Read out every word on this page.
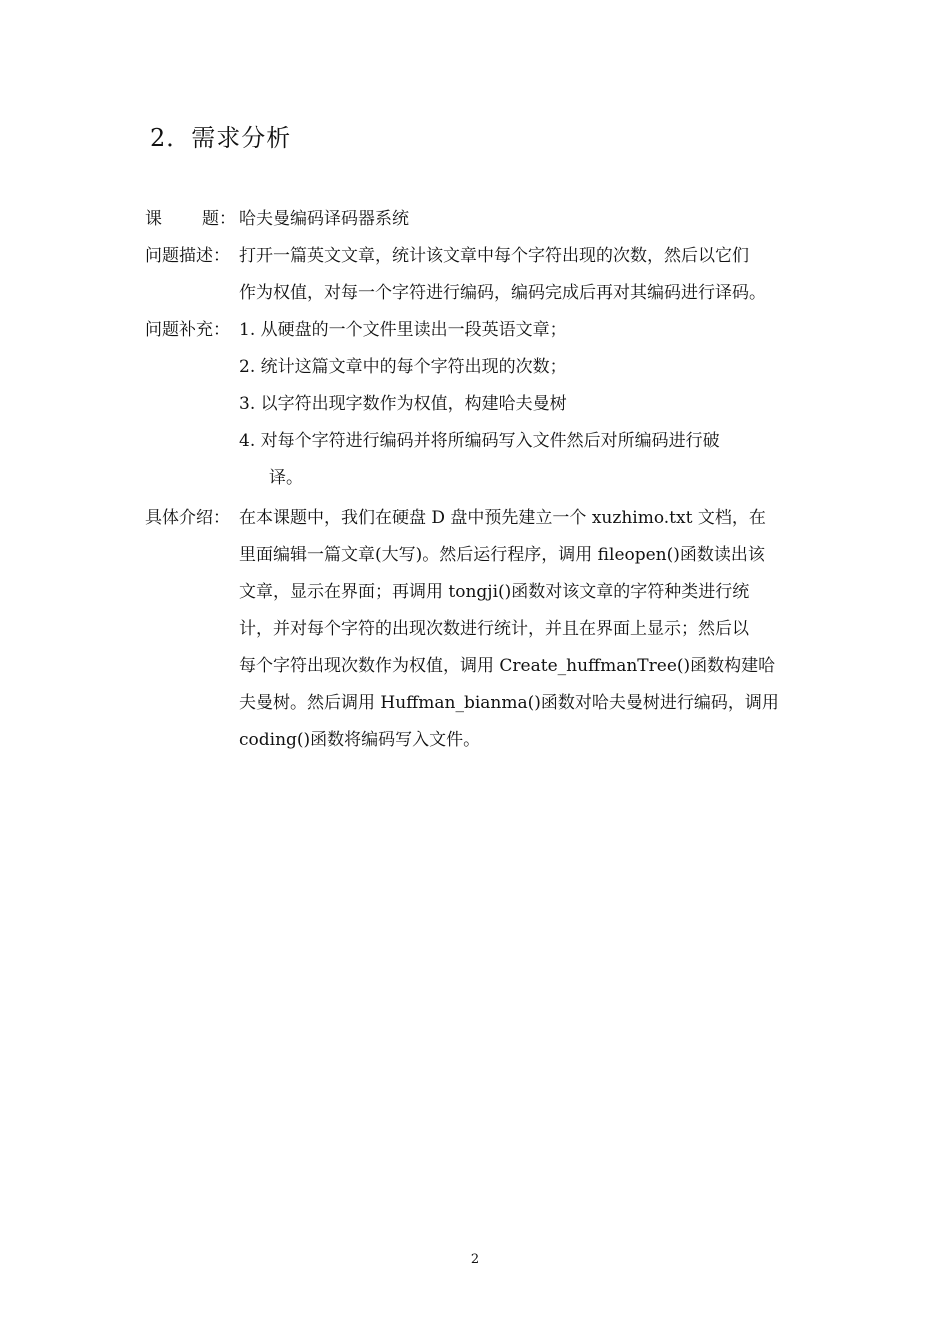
2．需求分析
课 题： 哈夫曼编码译码器系统
问题描述： 打开一篇英文文章，统计该文章中每个字符出现的次数，然后以它们
作为权值，对每一个字符进行编码，编码完成后再对其编码进行译码。
问题补充： 1. 从硬盘的一个文件里读出一段英语文章；
2. 统计这篇文章中的每个字符出现的次数；
3. 以字符出现字数作为权值，构建哈夫曼树
4. 对每个字符进行编码并将所编码写入文件然后对所编码进行破
译。
具体介绍： 在本课题中，我们在硬盘 D 盘中预先建立一个 xuzhimo.txt 文档，在
里面编辑一篇文章(大写)。然后运行程序，调用 fileopen()函数读出该
文章，显示在界面；再调用 tongji()函数对该文章的字符种类进行统
计，并对每个字符的出现次数进行统计，并且在界面上显示；然后以
每个字符出现次数作为权值，调用 Create_huffmanTree()函数构建哈
夫曼树。然后调用 Huffman_bianma()函数对哈夫曼树进行编码，调用
coding()函数将编码写入文件。
2
